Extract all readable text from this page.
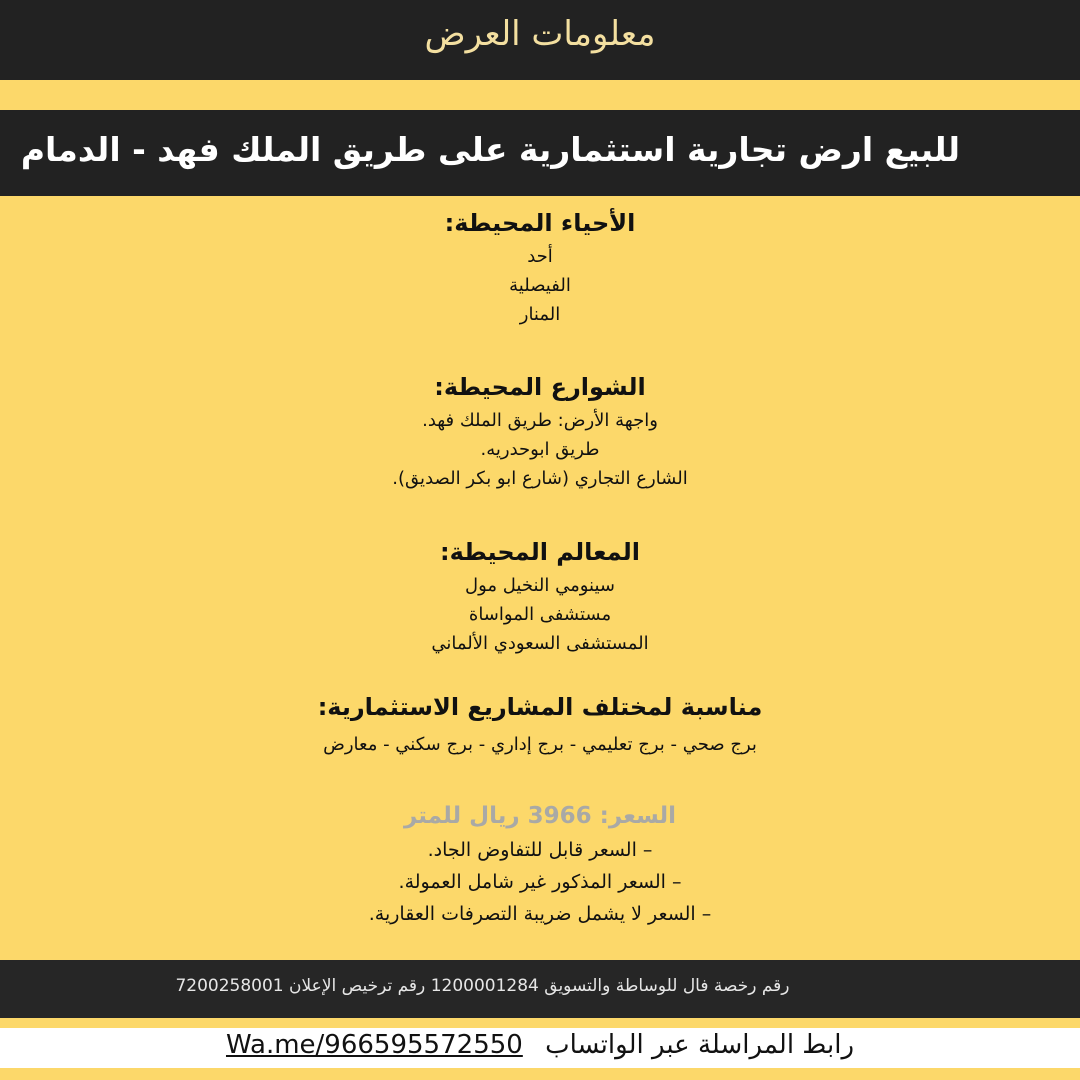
معلومات العرض
للبيع ارض تجارية استثمارية على طريق الملك فهد - الدمام
الأحياء المحيطة:
أحد
الفيصلية
المنار
الشوارع المحيطة:
واجهة الأرض: طريق الملك فهد.
طريق ابوحدريه.
الشارع التجاري (شارع ابو بكر الصديق).
المعالم المحيطة:
سينومي النخيل مول
مستشفى المواساة
المستشفى السعودي الألماني
مناسبة لمختلف المشاريع الاستثمارية:
برج صحي - برج تعليمي - برج إداري - برج سكني - معارض
السعر: 3966 ريال للمتر
– السعر قابل للتفاوض الجاد.
– السعر المذكور غير شامل العمولة.
– السعر لا يشمل ضريبة التصرفات العقارية.
رقم رخصة فال للوساطة والتسويق 1200001284 رقم ترخيص الإعلان 7200258001
رابط المراسلة عبر الواتساب Wa.me/966595572550
